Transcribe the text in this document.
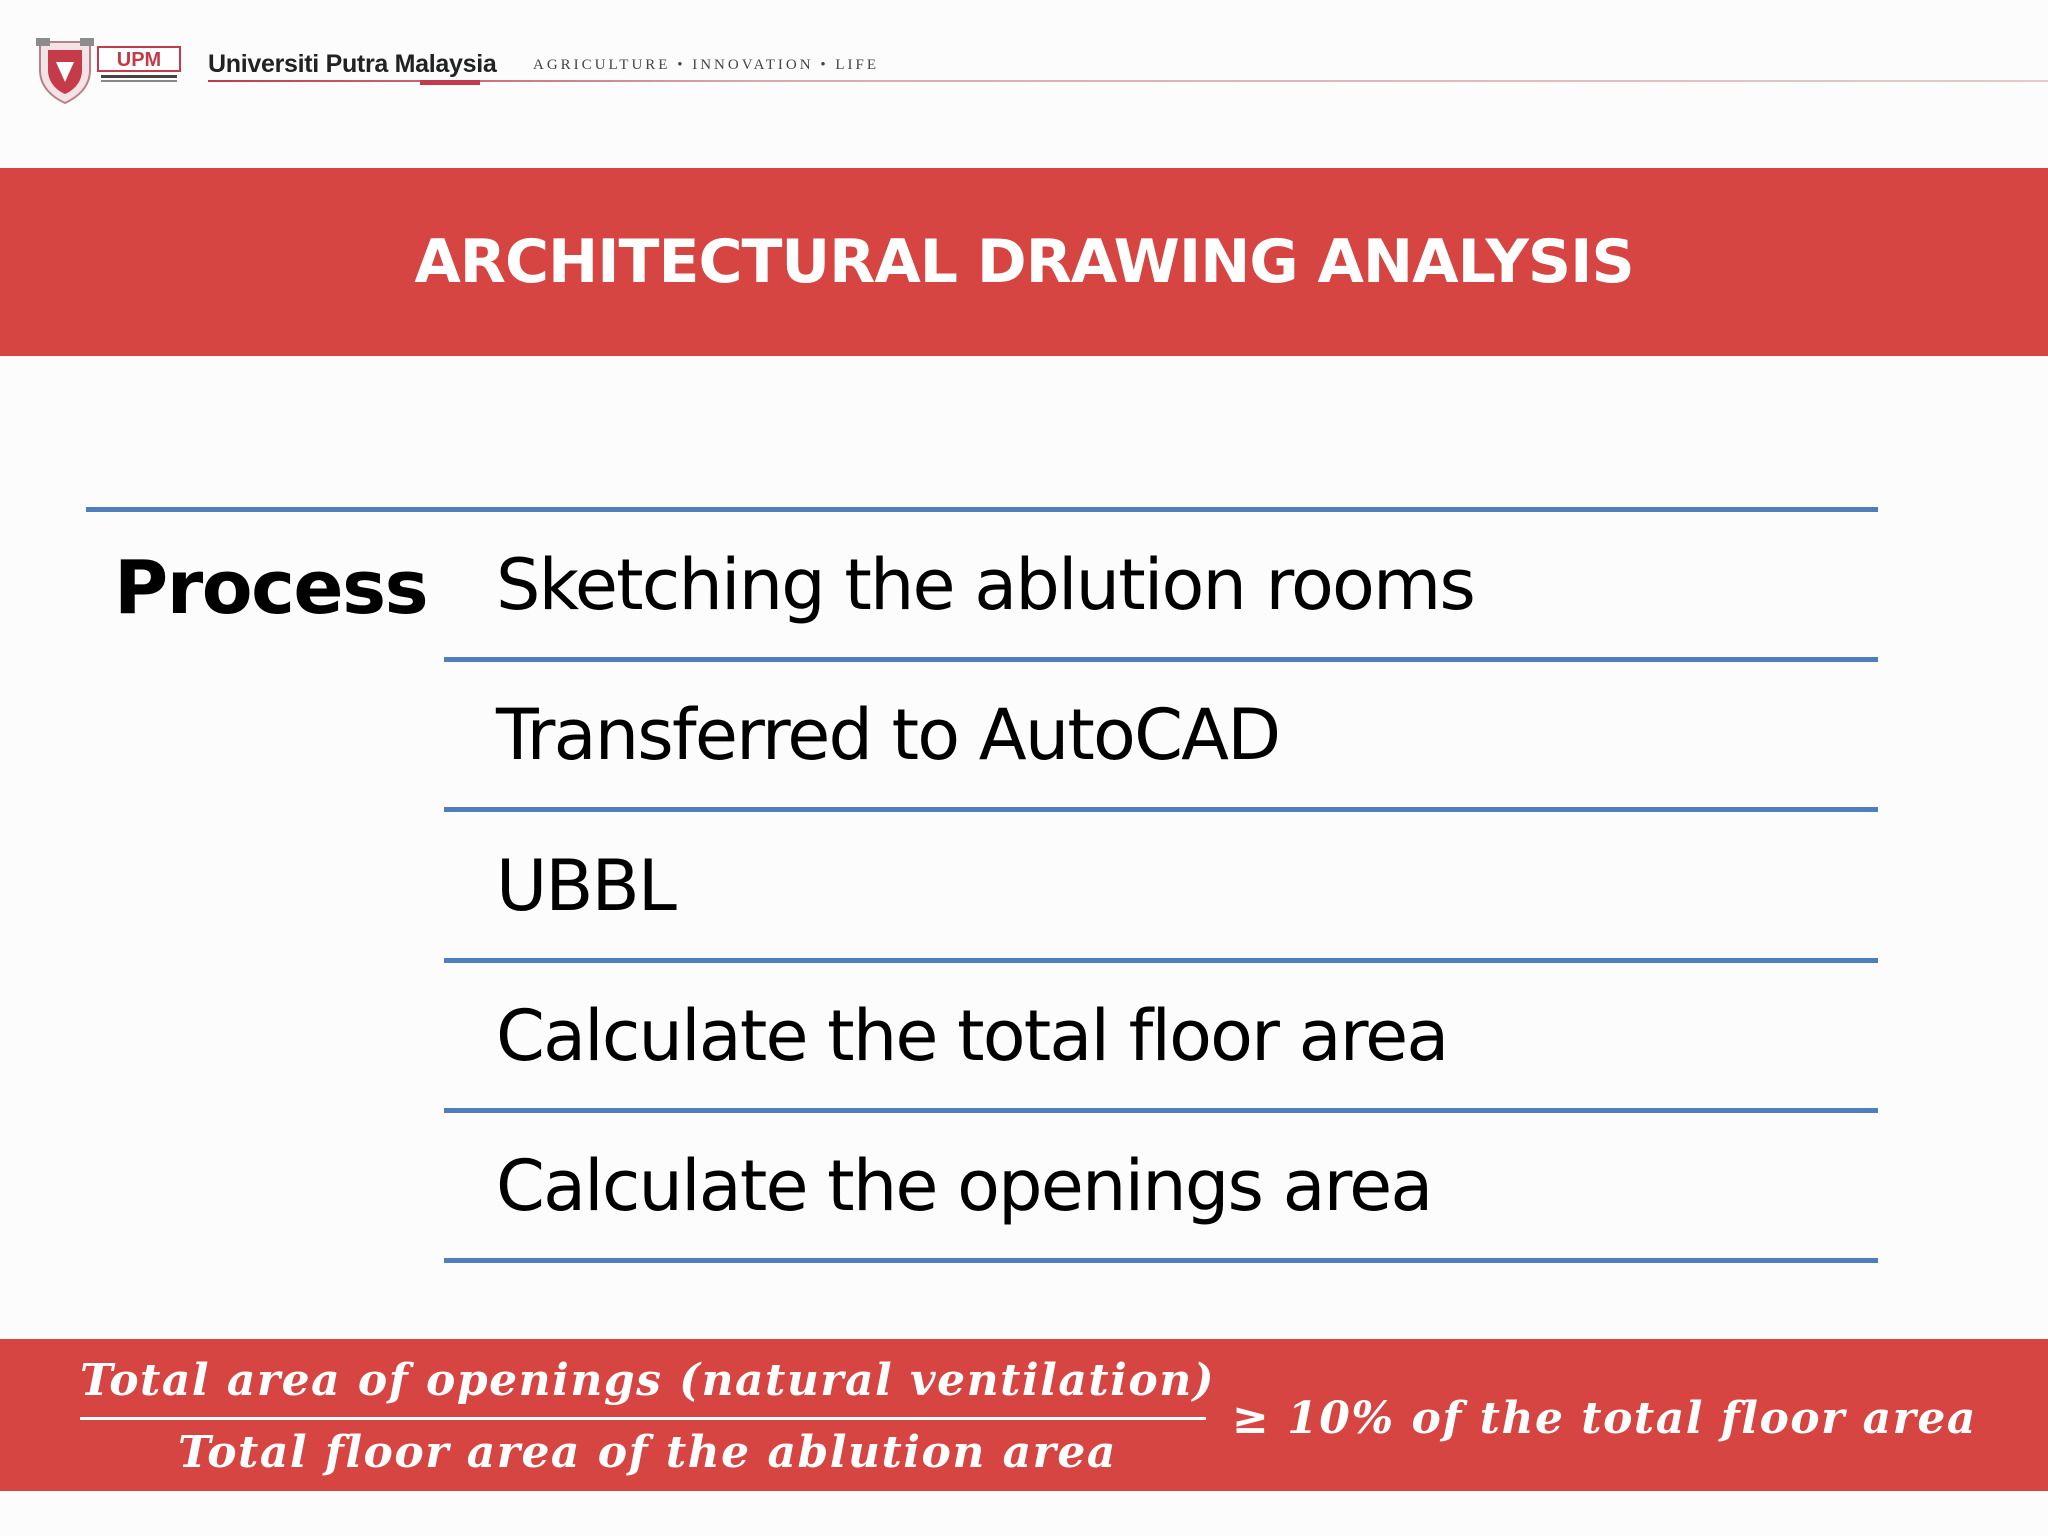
UPM Universiti Putra Malaysia AGRICULTURE • INNOVATION • LIFE
ARCHITECTURAL DRAWING ANALYSIS
Process Sketching the ablution rooms
Transferred to AutoCAD
UBBL
Calculate the total floor area
Calculate the openings area
Total area of openings (natural ventilation)
Total floor area of the ablution area
≥ 10% of the total floor area
